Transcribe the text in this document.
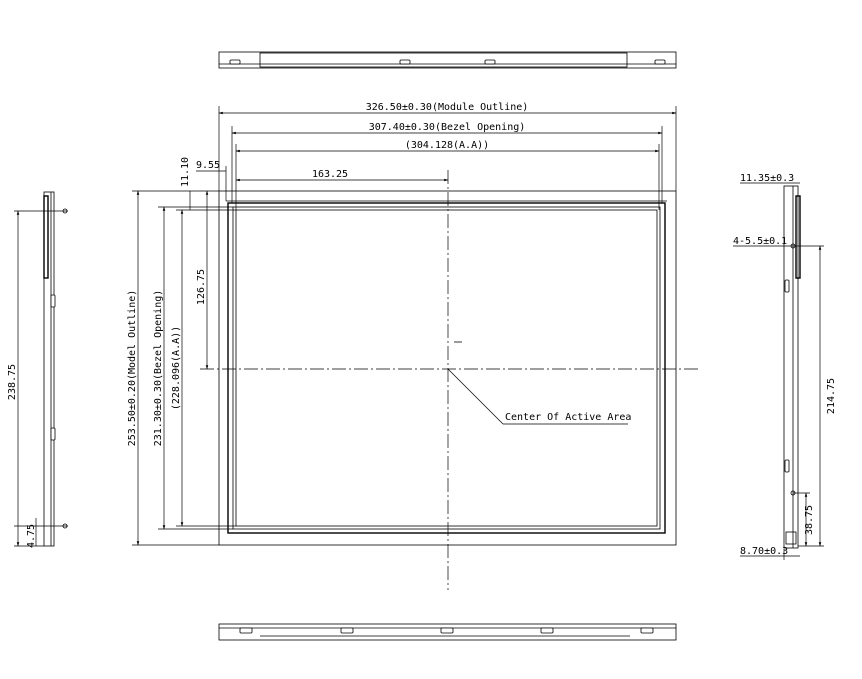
238.75
4.75
11.35±0.3
4-5.5±0.1
214.75
38.75
8.70±0.3
326.50±0.30(Module Outline)
307.40±0.30(Bezel Opening)
(304.128(A.A))
163.25
9.55
11.10
253.50±0.20(Model Outline) 231.30±0.30(Bezel Opening) (228.096(A.A))
126.75
Center Of Active Area
